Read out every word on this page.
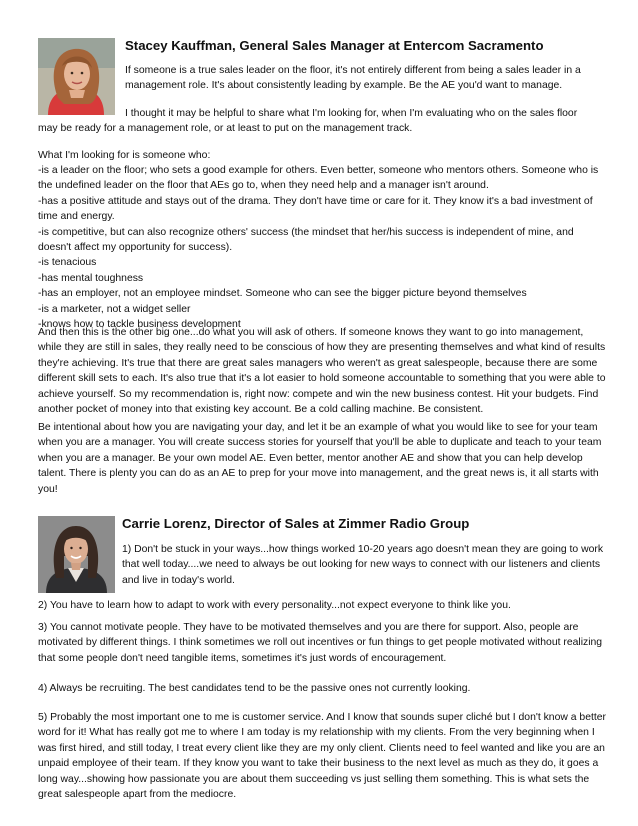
Stacey Kauffman, General Sales Manager at Entercom Sacramento

If someone is a true sales leader on the floor, it's not entirely different from being a sales leader in a management role. It's about consistently leading by example. Be the AE you'd want to manage.

I thought it may be helpful to share what I'm looking for, when I'm evaluating who on the sales floor

may be ready for a management role, or at least to put on the management track.

What I'm looking for is someone who:

-is a leader on the floor; who sets a good example for others. Even better, someone who mentors others. Someone who is the undefined leader on the floor that AEs go to, when they need help and a manager isn't around.
-has a positive attitude and stays out of the drama. They don't have time or care for it. They know it's a bad investment of time and energy.
-is competitive, but can also recognize others' success (the mindset that her/his success is independent of mine, and doesn't affect my opportunity for success).
-is tenacious
-has mental toughness
-has an employer, not an employee mindset. Someone who can see the bigger picture beyond themselves
-is a marketer, not a widget seller
-knows how to tackle business development

And then this is the other big one...do what you will ask of others. If someone knows they want to go into management, while they are still in sales, they really need to be conscious of how they are presenting themselves and what kind of results they're achieving. It's true that there are great sales managers who weren't as great salespeople, because there are some different skill sets to each. It's also true that it's a lot easier to hold someone accountable to something that you were able to achieve yourself. So my recommendation is, right now: compete and win the new business contest. Hit your budgets. Find another pocket of money into that existing key account. Be a cold calling machine. Be consistent.

Be intentional about how you are navigating your day, and let it be an example of what you would like to see for your team when you are a manager. You will create success stories for yourself that you'll be able to duplicate and teach to your team when you are a manager. Be your own model AE. Even better, mentor another AE and show that you can help develop talent. There is plenty you can do as an AE to prep for your move into management, and the great news is, it all starts with you!

Carrie Lorenz, Director of Sales at Zimmer Radio Group

1) Don't be stuck in your ways...how things worked 10-20 years ago doesn't mean they are going to work that well today....we need to always be out looking for new ways to connect with our listeners and clients and live in today's world.

2) You have to learn how to adapt to work with every personality...not expect everyone to think like you.

3) You cannot motivate people. They have to be motivated themselves and you are there for support. Also, people are motivated by different things. I think sometimes we roll out incentives or fun things to get people motivated without realizing that some people don't need tangible items, sometimes it's just words of encouragement.

4) Always be recruiting. The best candidates tend to be the passive ones not currently looking.

5) Probably the most important one to me is customer service. And I know that sounds super cliché but I don't know a better word for it! What has really got me to where I am today is my relationship with my clients. From the very beginning when I was first hired, and still today, I treat every client like they are my only client. Clients need to feel wanted and like you are an unpaid employee of their team. If they know you want to take their business to the next level as much as they do, it goes a long way...showing how passionate you are about them succeeding vs just selling them something. This is what sets the great salespeople apart from the mediocre.
